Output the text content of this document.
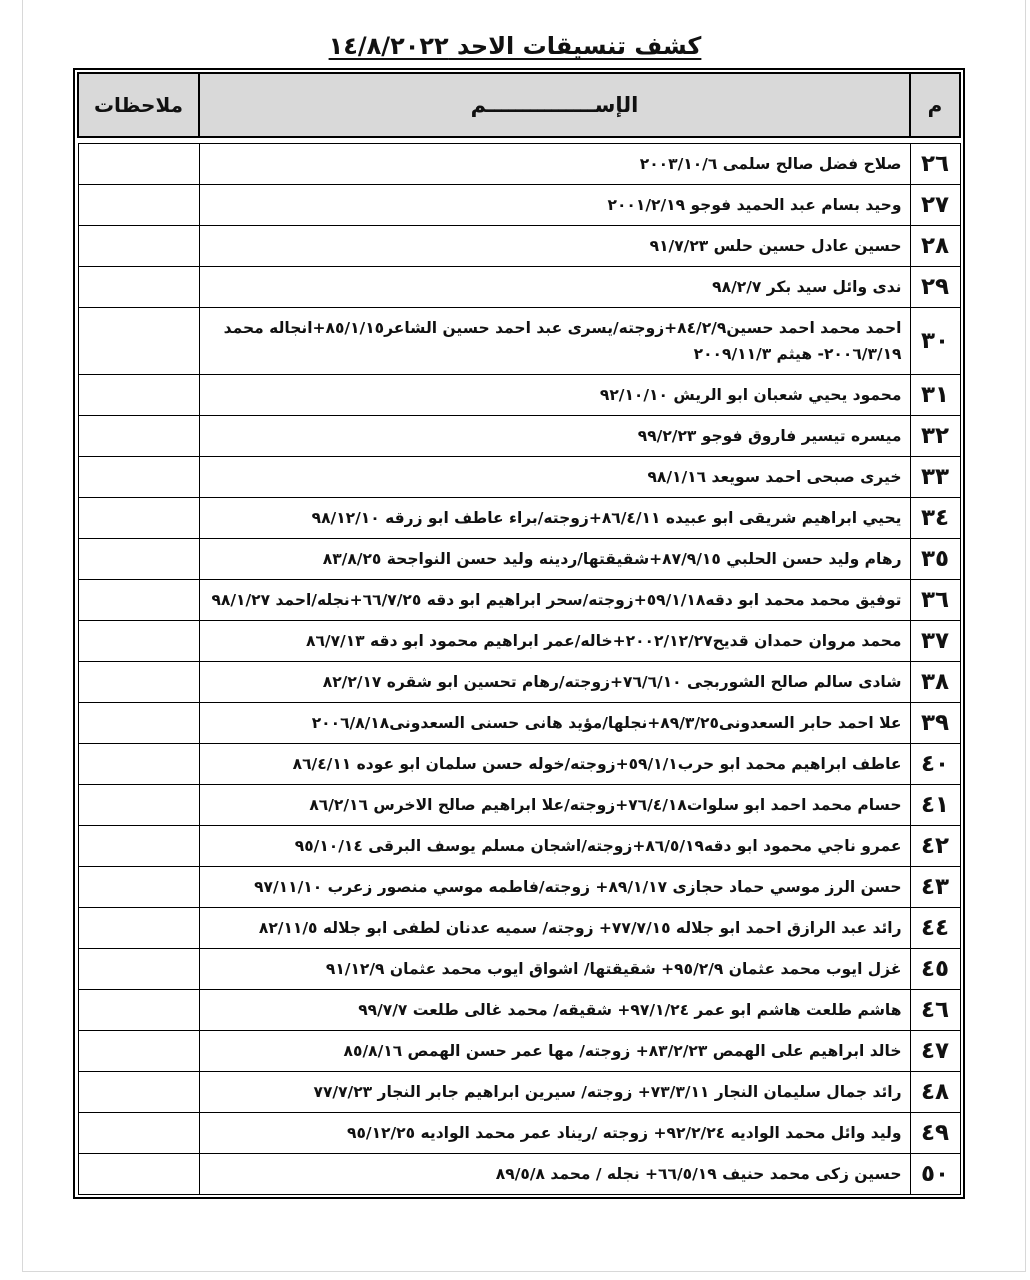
كشف تنسيقات الاحد ١٤/٨/٢٠٢٢
م	الإســـــــــــــــم	ملاحظات

٢٦	صلاح فضل صالح سلمى ٢٠٠٣/١٠/٦	
٢٧	وحيد بسام عبد الحميد فوجو ٢٠٠١/٢/١٩	
٢٨	حسين عادل حسين حلس ٩١/٧/٢٣	
٢٩	ندى وائل سيد بكر ٩٨/٢/٧	
٣٠	احمد محمد احمد حسين٨٤/٢/٩+زوجته/يسرى عبد احمد حسين الشاعر٨٥/١/١٥+انجاله محمد ٢٠٠٦/٣/١٩- هيثم ٢٠٠٩/١١/٣	
٣١	محمود يحيي شعبان ابو الريش ٩٢/١٠/١٠	
٣٢	ميسره تيسير فاروق فوجو ٩٩/٢/٢٣	
٣٣	خيرى صبحى احمد سويعد ٩٨/١/١٦	
٣٤	يحيي ابراهيم شريقى ابو عبيده ٨٦/٤/١١+زوجته/براء عاطف ابو زرقه ٩٨/١٢/١٠	
٣٥	رهام وليد حسن الحلبي ٨٧/٩/١٥+شقيقتها/ردينه وليد حسن النواجحة ٨٣/٨/٢٥	
٣٦	توفيق محمد محمد ابو دقه٥٩/١/١٨+زوجته/سحر ابراهيم ابو دقه ٦٦/٧/٢٥+نجله/احمد ٩٨/١/٢٧	
٣٧	محمد مروان حمدان قديح٢٠٠٢/١٢/٢٧+خاله/عمر ابراهيم محمود ابو دقه ٨٦/٧/١٣	
٣٨	شادى سالم صالح الشوربجى ٧٦/٦/١٠+زوجته/رهام تحسين ابو شقره ٨٢/٢/١٧	
٣٩	علا احمد حابر السعدونى٨٩/٣/٢٥+نجلها/مؤيد هانى حسنى السعدونى٢٠٠٦/٨/١٨	
٤٠	عاطف ابراهيم محمد ابو حرب٥٩/١/١+زوجته/خوله حسن سلمان ابو عوده ٨٦/٤/١١	
٤١	حسام محمد احمد ابو سلوات٧٦/٤/١٨+زوجته/علا ابراهيم صالح الاخرس ٨٦/٢/١٦	
٤٢	عمرو ناجي محمود ابو دقه٨٦/٥/١٩+زوجته/اشجان مسلم يوسف البرقى ٩٥/١٠/١٤	
٤٣	حسن الرز موسي حماد حجازى ٨٩/١/١٧+ زوجته/فاطمه موسي منصور زعرب ٩٧/١١/١٠	
٤٤	رائد عبد الرازق احمد ابو جلاله ٧٧/٧/١٥+ زوجته/ سميه عدنان لطفى ابو جلاله ٨٢/١١/٥	
٤٥	غزل ايوب محمد عثمان ٩٥/٢/٩+ شقيقتها/ اشواق ايوب محمد عثمان ٩١/١٢/٩	
٤٦	هاشم طلعت هاشم ابو عمر ٩٧/١/٢٤+ شقيقه/ محمد غالى طلعت ٩٩/٧/٧	
٤٧	خالد ابراهيم على الهمص ٨٣/٢/٢٣+ زوجته/ مها عمر حسن الهمص ٨٥/٨/١٦	
٤٨	رائد جمال سليمان النجار ٧٣/٣/١١+ زوجته/ سيرين ابراهيم جابر النجار ٧٧/٧/٢٣	
٤٩	وليد وائل محمد الواديه ٩٢/٢/٢٤+ زوجته /ريناد عمر محمد الواديه ٩٥/١٢/٢٥	
٥٠	حسين زكى محمد حنيف ٦٦/٥/١٩+ نجله / محمد ٨٩/٥/٨	
